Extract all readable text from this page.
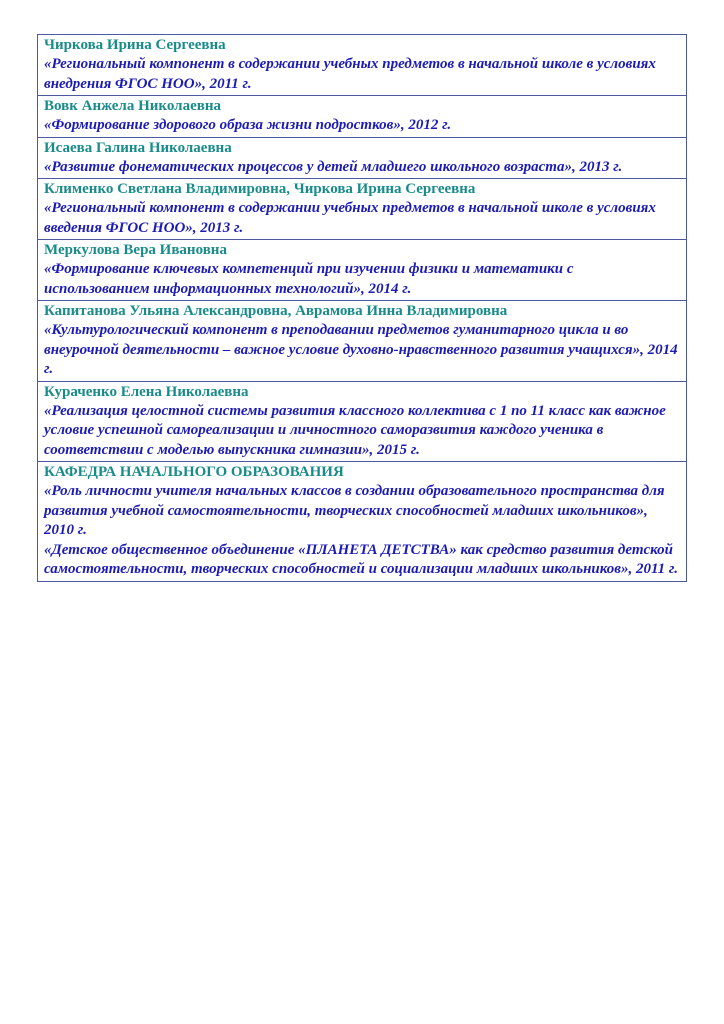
Чиркова Ирина Сергеевна
«Региональный компонент в содержании учебных предметов в начальной школе в условиях внедрения ФГОС НОО», 2011 г.
Вовк Анжела Николаевна
«Формирование здорового образа жизни подростков», 2012 г.
Исаева Галина Николаевна
«Развитие фонематических процессов у детей младшего школьного возраста», 2013 г.
Клименко Светлана Владимировна, Чиркова Ирина Сергеевна
«Региональный компонент в содержании учебных предметов в начальной школе в условиях введения ФГОС НОО», 2013 г.
Меркулова Вера Ивановна
«Формирование ключевых компетенций при изучении физики и математики с использованием информационных технологий», 2014 г.
Капитанова Ульяна Александровна, Аврамова Инна Владимировна
«Культурологический компонент в преподавании предметов гуманитарного цикла и во внеурочной деятельности – важное условие духовно-нравственного развития учащихся», 2014 г.
Кураченко Елена Николаевна
«Реализация целостной системы развития классного коллектива с 1 по 11 класс как важное условие успешной самореализации и личностного саморазвития каждого ученика в соответствии с моделью выпускника гимназии», 2015 г.
КАФЕДРА НАЧАЛЬНОГО ОБРАЗОВАНИЯ
«Роль личности учителя начальных классов в создании образовательного пространства для развития учебной самостоятельности, творческих способностей младших школьников», 2010 г.
«Детское общественное объединение «ПЛАНЕТА ДЕТСТВА» как средство развития детской самостоятельности, творческих способностей и социализации младших школьников», 2011 г.
